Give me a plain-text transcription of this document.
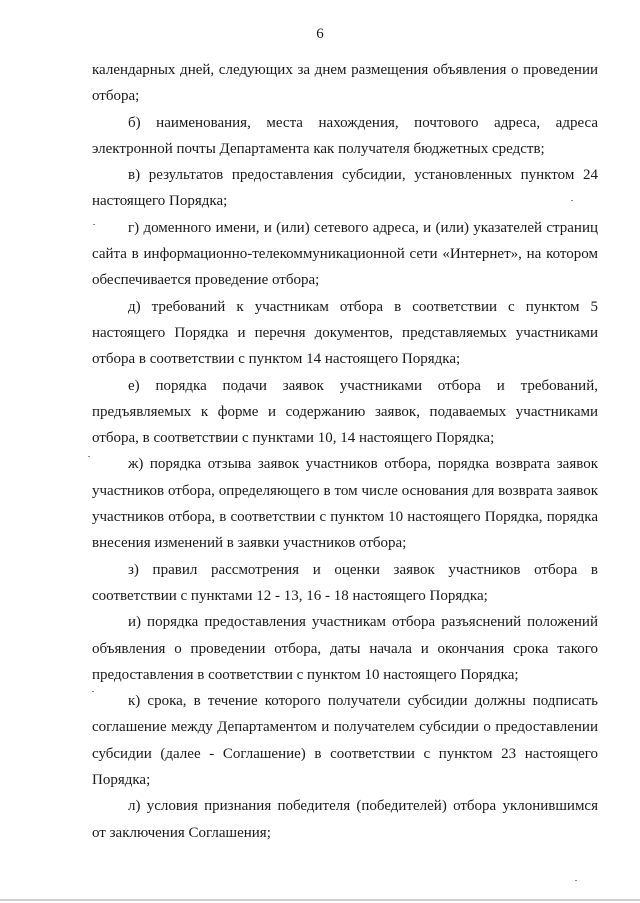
6

календарных дней, следующих за днем размещения объявления о проведении отбора;

б) наименования, места нахождения, почтового адреса, адреса электронной почты Департамента как получателя бюджетных средств;

в) результатов предоставления субсидии, установленных пунктом 24 настоящего Порядка;

г) доменного имени, и (или) сетевого адреса, и (или) указателей страниц сайта в информационно-телекоммуникационной сети «Интернет», на котором обеспечивается проведение отбора;

д) требований к участникам отбора в соответствии с пунктом 5 настоящего Порядка и перечня документов, представляемых участниками отбора в соответствии с пунктом 14 настоящего Порядка;

е) порядка подачи заявок участниками отбора и требований, предъявляемых к форме и содержанию заявок, подаваемых участниками отбора, в соответствии с пунктами 10, 14 настоящего Порядка;

ж) порядка отзыва заявок участников отбора, порядка возврата заявок участников отбора, определяющего в том числе основания для возврата заявок участников отбора, в соответствии с пунктом 10 настоящего Порядка, порядка внесения изменений в заявки участников отбора;

з) правил рассмотрения и оценки заявок участников отбора в соответствии с пунктами 12 - 13, 16 - 18 настоящего Порядка;

и) порядка предоставления участникам отбора разъяснений положений объявления о проведении отбора, даты начала и окончания срока такого предоставления в соответствии с пунктом 10 настоящего Порядка;

к) срока, в течение которого получатели субсидии должны подписать соглашение между Департаментом и получателем субсидии о предоставлении субсидии (далее - Соглашение) в соответствии с пунктом 23 настоящего Порядка;

л) условия признания победителя (победителей) отбора уклонившимся от заключения Соглашения;
